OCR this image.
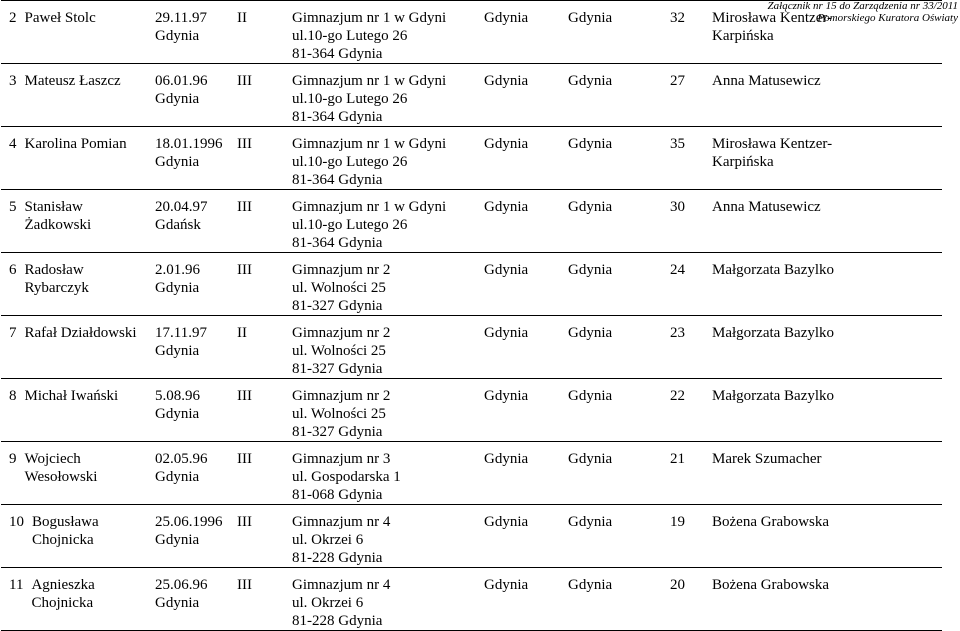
Załącznik nr 15 do Zarządzenia nr 33/2011
Pomorskiego Kuratora Oświaty
2 Paweł Stolc	29.11.97
Gdynia	II	Gimnazjum nr 1 w Gdyni
ul.10-go Lutego 26
81-364 Gdynia	Gdynia	Gdynia	32	Mirosława Kentzer-
Karpińska

3 Mateusz Łaszcz	06.01.96
Gdynia	III	Gimnazjum nr 1 w Gdyni
ul.10-go Lutego 26
81-364 Gdynia	Gdynia	Gdynia	27	Anna Matusewicz

4 Karolina Pomian	18.01.1996
Gdynia	III	Gimnazjum nr 1 w Gdyni
ul.10-go Lutego 26
81-364 Gdynia	Gdynia	Gdynia	35	Mirosława Kentzer-
Karpińska

5 Stanisław
Żadkowski	20.04.97
Gdańsk	III	Gimnazjum nr 1 w Gdyni
ul.10-go Lutego 26
81-364 Gdynia	Gdynia	Gdynia	30	Anna Matusewicz

6 Radosław
Rybarczyk	2.01.96
Gdynia	III	Gimnazjum nr 2
ul. Wolności 25
81-327 Gdynia	Gdynia	Gdynia	24	Małgorzata Bazylko

7 Rafał Działdowski	17.11.97
Gdynia	II	Gimnazjum nr 2
ul. Wolności 25
81-327 Gdynia	Gdynia	Gdynia	23	Małgorzata Bazylko

8 Michał Iwański	5.08.96
Gdynia	III	Gimnazjum nr 2
ul. Wolności 25
81-327 Gdynia	Gdynia	Gdynia	22	Małgorzata Bazylko

9 Wojciech
Wesołowski	02.05.96
Gdynia	III	Gimnazjum nr 3
ul. Gospodarska 1
81-068 Gdynia	Gdynia	Gdynia	21	Marek Szumacher

10 Bogusława
Chojnicka	25.06.1996
Gdynia	III	Gimnazjum nr 4
ul. Okrzei 6
81-228 Gdynia	Gdynia	Gdynia	19	Bożena Grabowska

11 Agnieszka
Chojnicka	25.06.96
Gdynia	III	Gimnazjum nr 4
ul. Okrzei 6
81-228 Gdynia	Gdynia	Gdynia	20	Bożena Grabowska
